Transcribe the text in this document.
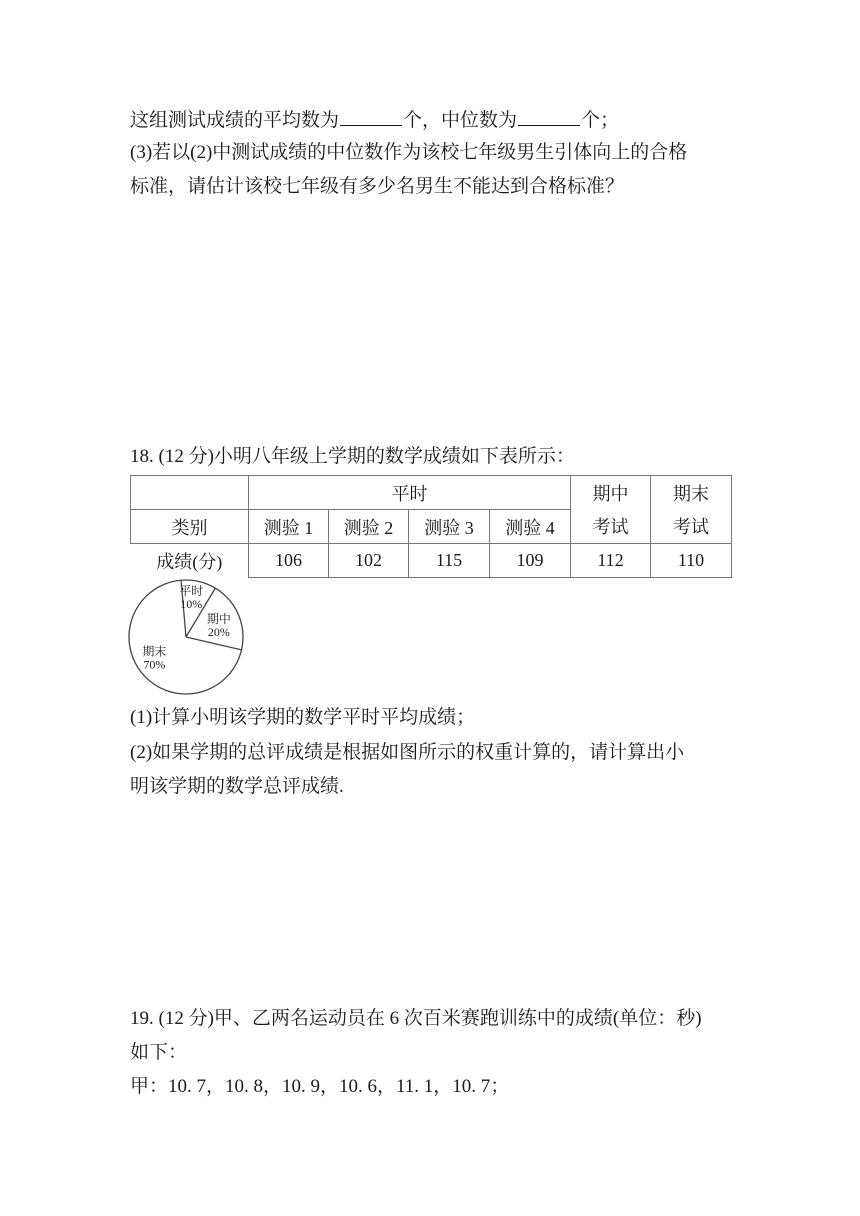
这组测试成绩的平均数为	个，中位数为	个；
(3)若以(2)中测试成绩的中位数作为该校七年级男生引体向上的合格
标准，请估计该校七年级有多少名男生不能达到合格标准？
18. (12 分)小明八年级上学期的数学成绩如下表所示：
	平时				期中	期末
类别	测验 1	测验 2	测验 3	测验 4	考试	考试
成绩(分)	106	102	115	109	112	110
平时
10%
期中
20%
期末
70%
(1)计算小明该学期的数学平时平均成绩；
(2)如果学期的总评成绩是根据如图所示的权重计算的，请计算出小
明该学期的数学总评成绩.
19. (12 分)甲、乙两名运动员在 6 次百米赛跑训练中的成绩(单位：秒)
如下：
甲：10. 7，10. 8，10. 9，10. 6，11. 1，10. 7；
